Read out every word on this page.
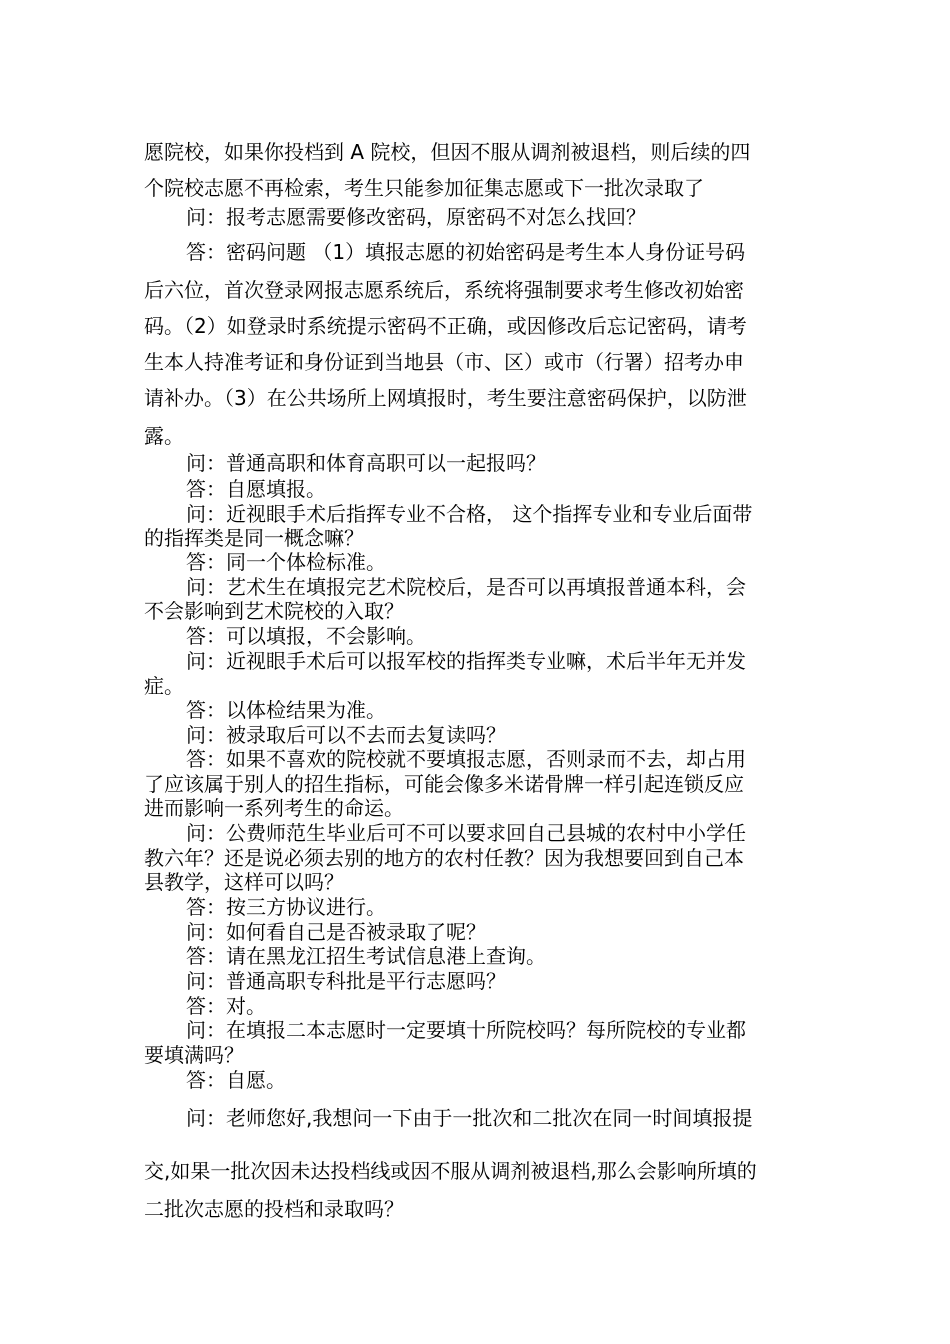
愿院校，如果你投档到 A 院校，但因不服从调剂被退档，则后续的四
个院校志愿不再检索，考生只能参加征集志愿或下一批次录取了
问：报考志愿需要修改密码，原密码不对怎么找回？
答：密码问题 （1）填报志愿的初始密码是考生本人身份证号码
后六位，首次登录网报志愿系统后，系统将强制要求考生修改初始密
码。（2）如登录时系统提示密码不正确，或因修改后忘记密码，请考
生本人持准考证和身份证到当地县（市、区）或市（行署）招考办申
请补办。（3）在公共场所上网填报时，考生要注意密码保护，以防泄
露。
问：普通高职和体育高职可以一起报吗？
答：自愿填报。
问：近视眼手术后指挥专业不合格， 这个指挥专业和专业后面带
的指挥类是同一概念嘛？
答：同一个体检标准。
问：艺术生在填报完艺术院校后，是否可以再填报普通本科，会
不会影响到艺术院校的入取？
答：可以填报，不会影响。
问：近视眼手术后可以报军校的指挥类专业嘛，术后半年无并发
症。
答：以体检结果为准。
问：被录取后可以不去而去复读吗？
答：如果不喜欢的院校就不要填报志愿，否则录而不去，却占用
了应该属于别人的招生指标，可能会像多米诺骨牌一样引起连锁反应
进而影响一系列考生的命运。
问：公费师范生毕业后可不可以要求回自己县城的农村中小学任
教六年？还是说必须去别的地方的农村任教？因为我想要回到自己本
县教学，这样可以吗？
答：按三方协议进行。
问：如何看自己是否被录取了呢？
答：请在黑龙江招生考试信息港上查询。
问：普通高职专科批是平行志愿吗？
答：对。
问：在填报二本志愿时一定要填十所院校吗？每所院校的专业都
要填满吗？
答：自愿。
问：老师您好,我想问一下由于一批次和二批次在同一时间填报提
交,如果一批次因未达投档线或因不服从调剂被退档,那么会影响所填的
二批次志愿的投档和录取吗？
